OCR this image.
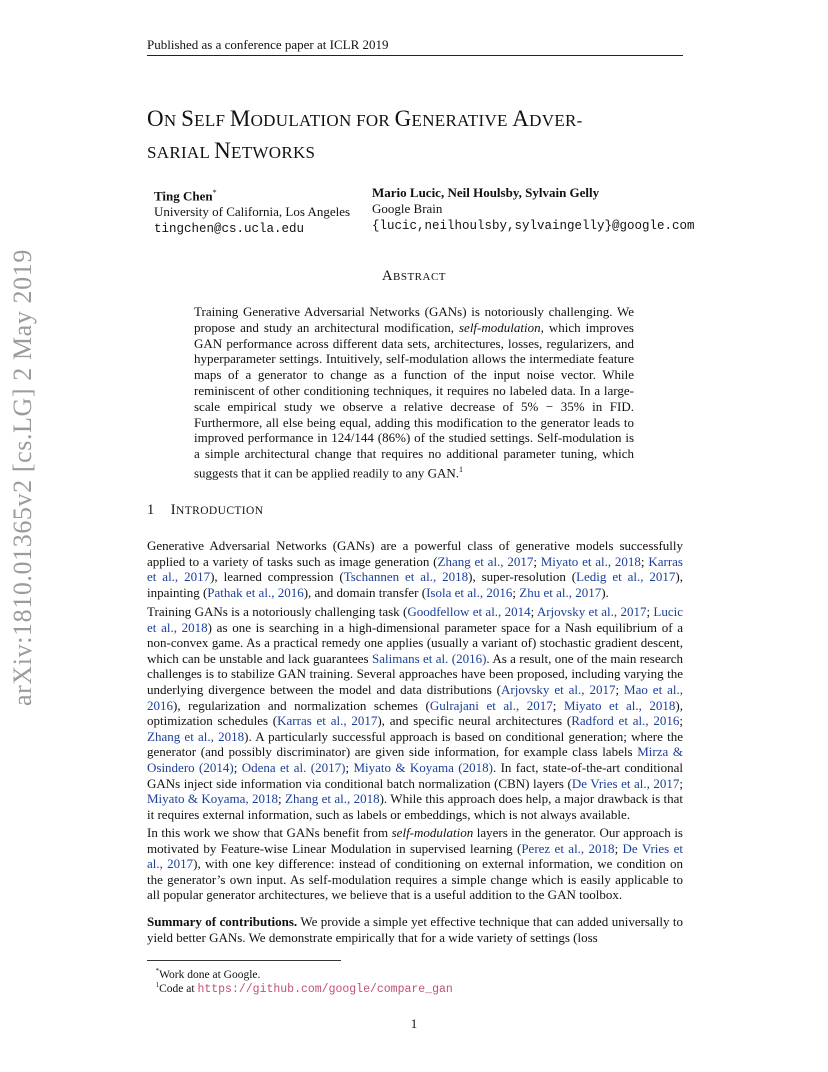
Published as a conference paper at ICLR 2019
arXiv:1810.01365v2 [cs.LG] 2 May 2019
ON SELF MODULATION FOR GENERATIVE ADVER-
SARIAL NETWORKS
Ting Chen*
University of California, Los Angeles
tingchen@cs.ucla.edu
Mario Lucic, Neil Houlsby, Sylvain Gelly
Google Brain
{lucic,neilhoulsby,sylvaingelly}@google.com
ABSTRACT
Training Generative Adversarial Networks (GANs) is notoriously challenging. We propose and study an architectural modification, self-modulation, which improves GAN performance across different data sets, architectures, losses, regularizers, and hyperparameter settings. Intuitively, self-modulation allows the intermediate feature maps of a generator to change as a function of the input noise vector. While reminiscent of other conditioning techniques, it requires no labeled data. In a large-scale empirical study we observe a relative decrease of 5% − 35% in FID. Furthermore, all else being equal, adding this modification to the generator leads to improved performance in 124/144 (86%) of the studied settings. Self-modulation is a simple architectural change that requires no additional parameter tuning, which suggests that it can be applied readily to any GAN.$^1$
1 INTRODUCTION
Generative Adversarial Networks (GANs) are a powerful class of generative models successfully applied to a variety of tasks such as image generation (Zhang et al., 2017; Miyato et al., 2018; Karras et al., 2017), learned compression (Tschannen et al., 2018), super-resolution (Ledig et al., 2017), inpainting (Pathak et al., 2016), and domain transfer (Isola et al., 2016; Zhu et al., 2017).
Training GANs is a notoriously challenging task (Goodfellow et al., 2014; Arjovsky et al., 2017; Lucic et al., 2018) as one is searching in a high-dimensional parameter space for a Nash equilibrium of a non-convex game. As a practical remedy one applies (usually a variant of) stochastic gradient descent, which can be unstable and lack guarantees Salimans et al. (2016). As a result, one of the main research challenges is to stabilize GAN training. Several approaches have been proposed, including varying the underlying divergence between the model and data distributions (Arjovsky et al., 2017; Mao et al., 2016), regularization and normalization schemes (Gulrajani et al., 2017; Miyato et al., 2018), optimization schedules (Karras et al., 2017), and specific neural architectures (Radford et al., 2016; Zhang et al., 2018). A particularly successful approach is based on conditional generation; where the generator (and possibly discriminator) are given side information, for example class labels Mirza & Osindero (2014); Odena et al. (2017); Miyato & Koyama (2018). In fact, state-of-the-art conditional GANs inject side information via conditional batch normalization (CBN) layers (De Vries et al., 2017; Miyato & Koyama, 2018; Zhang et al., 2018). While this approach does help, a major drawback is that it requires external information, such as labels or embeddings, which is not always available.
In this work we show that GANs benefit from self-modulation layers in the generator. Our approach is motivated by Feature-wise Linear Modulation in supervised learning (Perez et al., 2018; De Vries et al., 2017), with one key difference: instead of conditioning on external information, we condition on the generator’s own input. As self-modulation requires a simple change which is easily applicable to all popular generator architectures, we believe that is a useful addition to the GAN toolbox.
Summary of contributions. We provide a simple yet effective technique that can added universally to yield better GANs. We demonstrate empirically that for a wide variety of settings (loss
*Work done at Google.
$^1$Code at https://github.com/google/compare_gan
1
